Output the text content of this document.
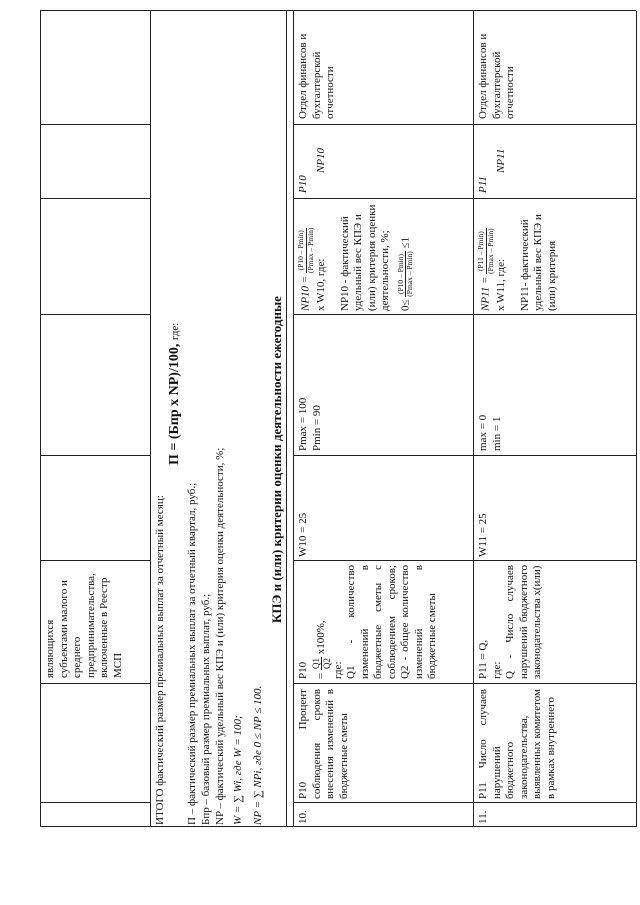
являющихся субъектами малого и среднего предпринимательства, включенные в Реестр МСП	ИТОГО фактический размер премиальных выплат за отчетный месяц:
П = (Бпр x NP)/100, где:
П – фактический размер премиальных выплат за отчетный квартал, руб.; Бпр – базовый размер премиальных выплат, руб.; NP – фактический удельный вес КПЭ и (или) критерия оценки деятельности, %; W = ∑ Wi, где W = 100; NP = ∑ NPi, где 0 ≤ NP ≤ 100.
КПЭ и (или) критерии оценки деятельности ежегодные
10.
Р10 Процент соблюдения сроков внесения изменений в бюджетные сметы
Р10 =
Q1 Q2
x100%,
где: Q1 - количество изменений в бюджетные сметы с соблюдением сроков; Q2 - общее количество изменений в бюджетные сметы
W10 = 25
Pmax = 100 Pmin = 90
NP10 =
(P10 – Pmin) (Pmax – Pmin)
x W10, где: NP10 - фактический удельный вес КПЭ и (или) критерия оценки деятельности, %; 0≤
(P10 – Pmin) (Pmax – Pmin)
≤1
P10
NP10
Отдел финансов и бухгалтерской отчетности
11.
Р11 Число случаев нарушений бюджетного законодательства, выявленных комитетом в рамках внутреннего
Р11 = Q, где: Q - Число случаев нарушений бюджетного законодательства х(или)
W11 = 25
max = 0 min = 1
NP11 =
(P11 – Pmin) (Pmax – Pmin)
x W11, где: NP11- фактический удельный вес КПЭ и (или) критерия
P11
NP11
Отдел финансов и бухгалтерской отчетности
